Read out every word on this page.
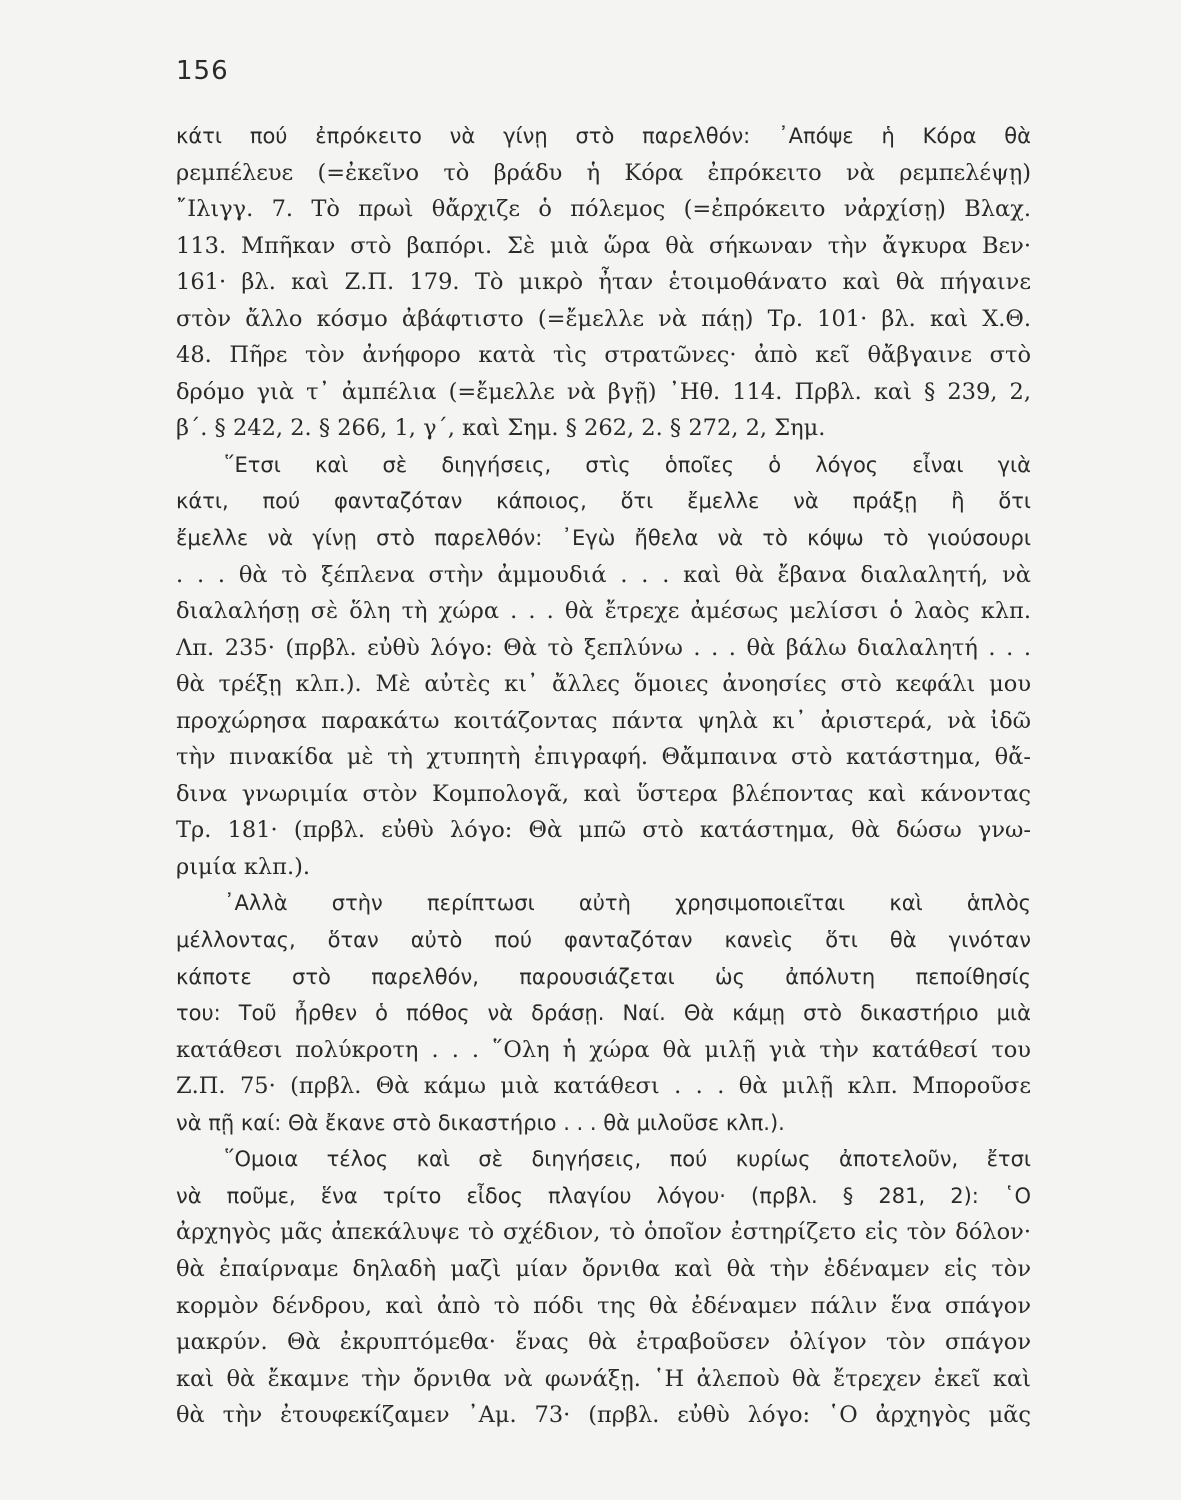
156
κάτι πού ἐπρόκειτο νὰ γίνῃ στὸ παρελθόν: ᾿Απόψε ἡ Κόρα θὰ
ρεμπέλευε (=ἐκεῖνο τὸ βράδυ ἡ Κόρα ἐπρόκειτο νὰ ρεμπελέψῃ)
῎Ιλιγγ. 7. Τὸ πρωὶ θἄρχιζε ὁ πόλεμος (=ἐπρόκειτο νἀρχίσῃ) Βλαχ.
113. Μπῆκαν στὸ βαπόρι. Σὲ μιὰ ὥρα θὰ σήκωναν τὴν ἄγκυρα Βεν·
161· βλ. καὶ Ζ.Π. 179. Τὸ μικρὸ ἦταν ἑτοιμοθάνατο καὶ θὰ πήγαινε
στὸν ἄλλο κόσμο ἀβάφτιστο (=ἔμελλε νὰ πάῃ) Τρ. 101· βλ. καὶ Χ.Θ.
48. Πῆρε τὸν ἀνήφορο κατὰ τὶς στρατῶνες· ἀπὸ κεῖ θἄβγαινε στὸ
δρόμο γιὰ τ᾿ ἀμπέλια (=ἔμελλε νὰ βγῇ) ᾿Ηθ. 114. Πρβλ. καὶ § 239, 2,
β΄. § 242, 2. § 266, 1, γ΄, καὶ Σημ. § 262, 2. § 272, 2, Σημ.
῞Ετσι καὶ σὲ διηγήσεις, στὶς ὁποῖες ὁ λόγος εἶναι γιὰ
κάτι, πού φανταζόταν κάποιος, ὅτι ἔμελλε νὰ πράξῃ ἢ ὅτι
ἔμελλε νὰ γίνῃ στὸ παρελθόν: ᾿Εγὼ ἤθελα νὰ τὸ κόψω τὸ γιούσουρι
. . . θὰ τὸ ξέπλενα στὴν ἀμμουδιά . . . καὶ θὰ ἔβανα διαλαλητή, νὰ
διαλαλήσῃ σὲ ὅλη τὴ χώρα . . . θὰ ἔτρεχε ἀμέσως μελίσσι ὁ λαὸς κλπ.
Λπ. 235· (πρβλ. εὐθὺ λόγο: Θὰ τὸ ξεπλύνω . . . θὰ βάλω διαλαλητή . . .
θὰ τρέξῃ κλπ.). Μὲ αὐτὲς κι᾿ ἄλλες ὅμοιες ἀνοησίες στὸ κεφάλι μου
προχώρησα παρακάτω κοιτάζοντας πάντα ψηλὰ κι᾿ ἀριστερά, νὰ ἰδῶ
τὴν πινακίδα μὲ τὴ χτυπητὴ ἐπιγραφή. Θἄμπαινα στὸ κατάστημα, θἄ-
δινα γνωριμία στὸν Κομπολογᾶ, καὶ ὕστερα βλέποντας καὶ κάνοντας
Τρ. 181· (πρβλ. εὐθὺ λόγο: Θὰ μπῶ στὸ κατάστημα, θὰ δώσω γνω-
ριμία κλπ.).
᾿Αλλὰ στὴν περίπτωσι αὐτὴ χρησιμοποιεῖται καὶ ἁπλὸς
μέλλοντας, ὅταν αὐτὸ πού φανταζόταν κανεὶς ὅτι θὰ γινόταν
κάποτε στὸ παρελθόν, παρουσιάζεται ὡς ἀπόλυτη πεποίθησίς
του: Τοῦ ἦρθεν ὁ πόθος νὰ δράσῃ. Ναί. Θὰ κάμῃ στὸ δικαστήριο μιὰ
κατάθεσι πολύκροτη . . . ῞Ολη ἡ χώρα θὰ μιλῇ γιὰ τὴν κατάθεσί του
Ζ.Π. 75· (πρβλ. Θὰ κάμω μιὰ κατάθεσι . . . θὰ μιλῇ κλπ. Μποροῦσε
νὰ πῇ καί: Θὰ ἔκανε στὸ δικαστήριο . . . θὰ μιλοῦσε κλπ.).
῞Ομοια τέλος καὶ σὲ διηγήσεις, πού κυρίως ἀποτελοῦν, ἔτσι
νὰ ποῦμε, ἕνα τρίτο εἶδος πλαγίου λόγου· (πρβλ. § 281, 2): ῾Ο
ἀρχηγὸς μᾶς ἀπεκάλυψε τὸ σχέδιον, τὸ ὁποῖον ἐστηρίζετο εἰς τὸν δόλον·
θὰ ἐπαίρναμε δηλαδὴ μαζὶ μίαν ὄρνιθα καὶ θὰ τὴν ἐδέναμεν εἰς τὸν
κορμὸν δένδρου, καὶ ἀπὸ τὸ πόδι της θὰ ἐδέναμεν πάλιν ἕνα σπάγον
μακρύν. Θὰ ἐκρυπτόμεθα· ἕνας θὰ ἐτραβοῦσεν ὀλίγον τὸν σπάγον
καὶ θὰ ἔκαμνε τὴν ὄρνιθα νὰ φωνάξῃ. ῾Η ἀλεποὺ θὰ ἔτρεχεν ἐκεῖ καὶ
θὰ τὴν ἐτουφεκίζαμεν ᾿Αμ. 73· (πρβλ. εὐθὺ λόγο: ῾Ο ἀρχηγὸς μᾶς
